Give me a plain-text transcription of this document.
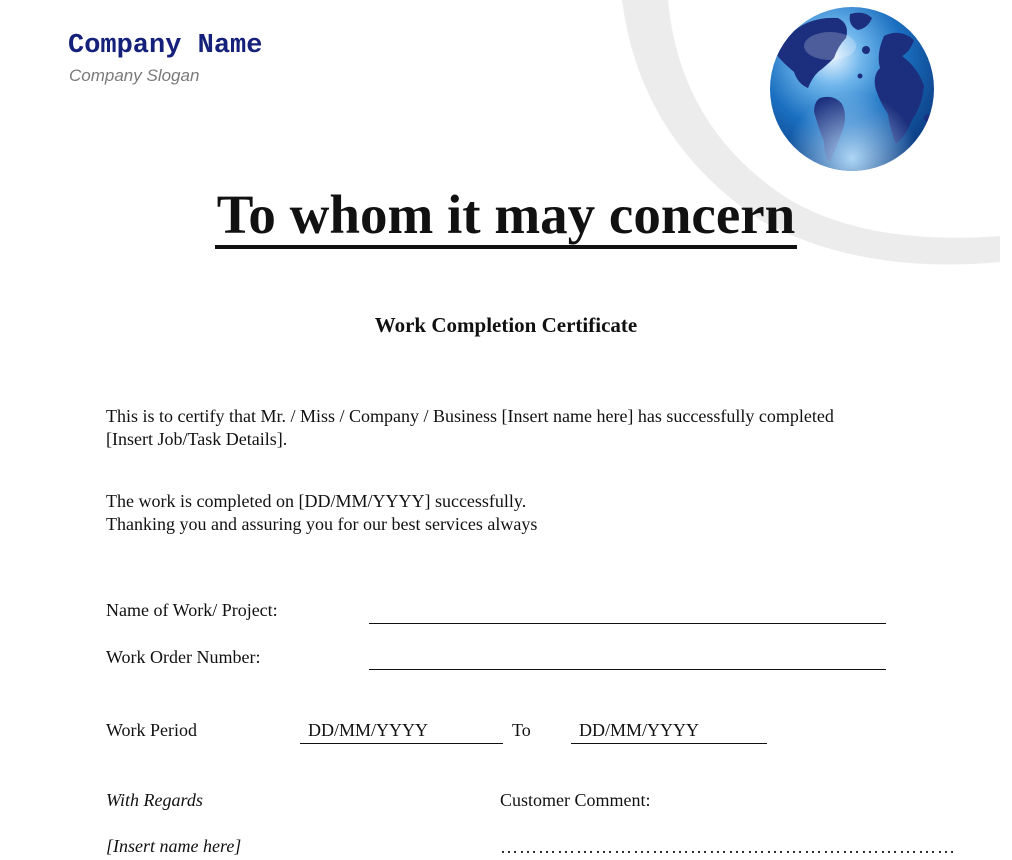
Company Name
Company Slogan
To whom it may concern
Work Completion Certificate
This is to certify that Mr. / Miss / Company / Business [Insert name here] has successfully completed
[Insert Job/Task Details].
The work is completed on [DD/MM/YYYY] successfully.
Thanking you and assuring you for our best services always
Name of Work/ Project:
Work Order Number:
Work Period	DD/MM/YYYY	To	DD/MM/YYYY
With Regards	Customer Comment:
[Insert name here]	………………………………………………………………
